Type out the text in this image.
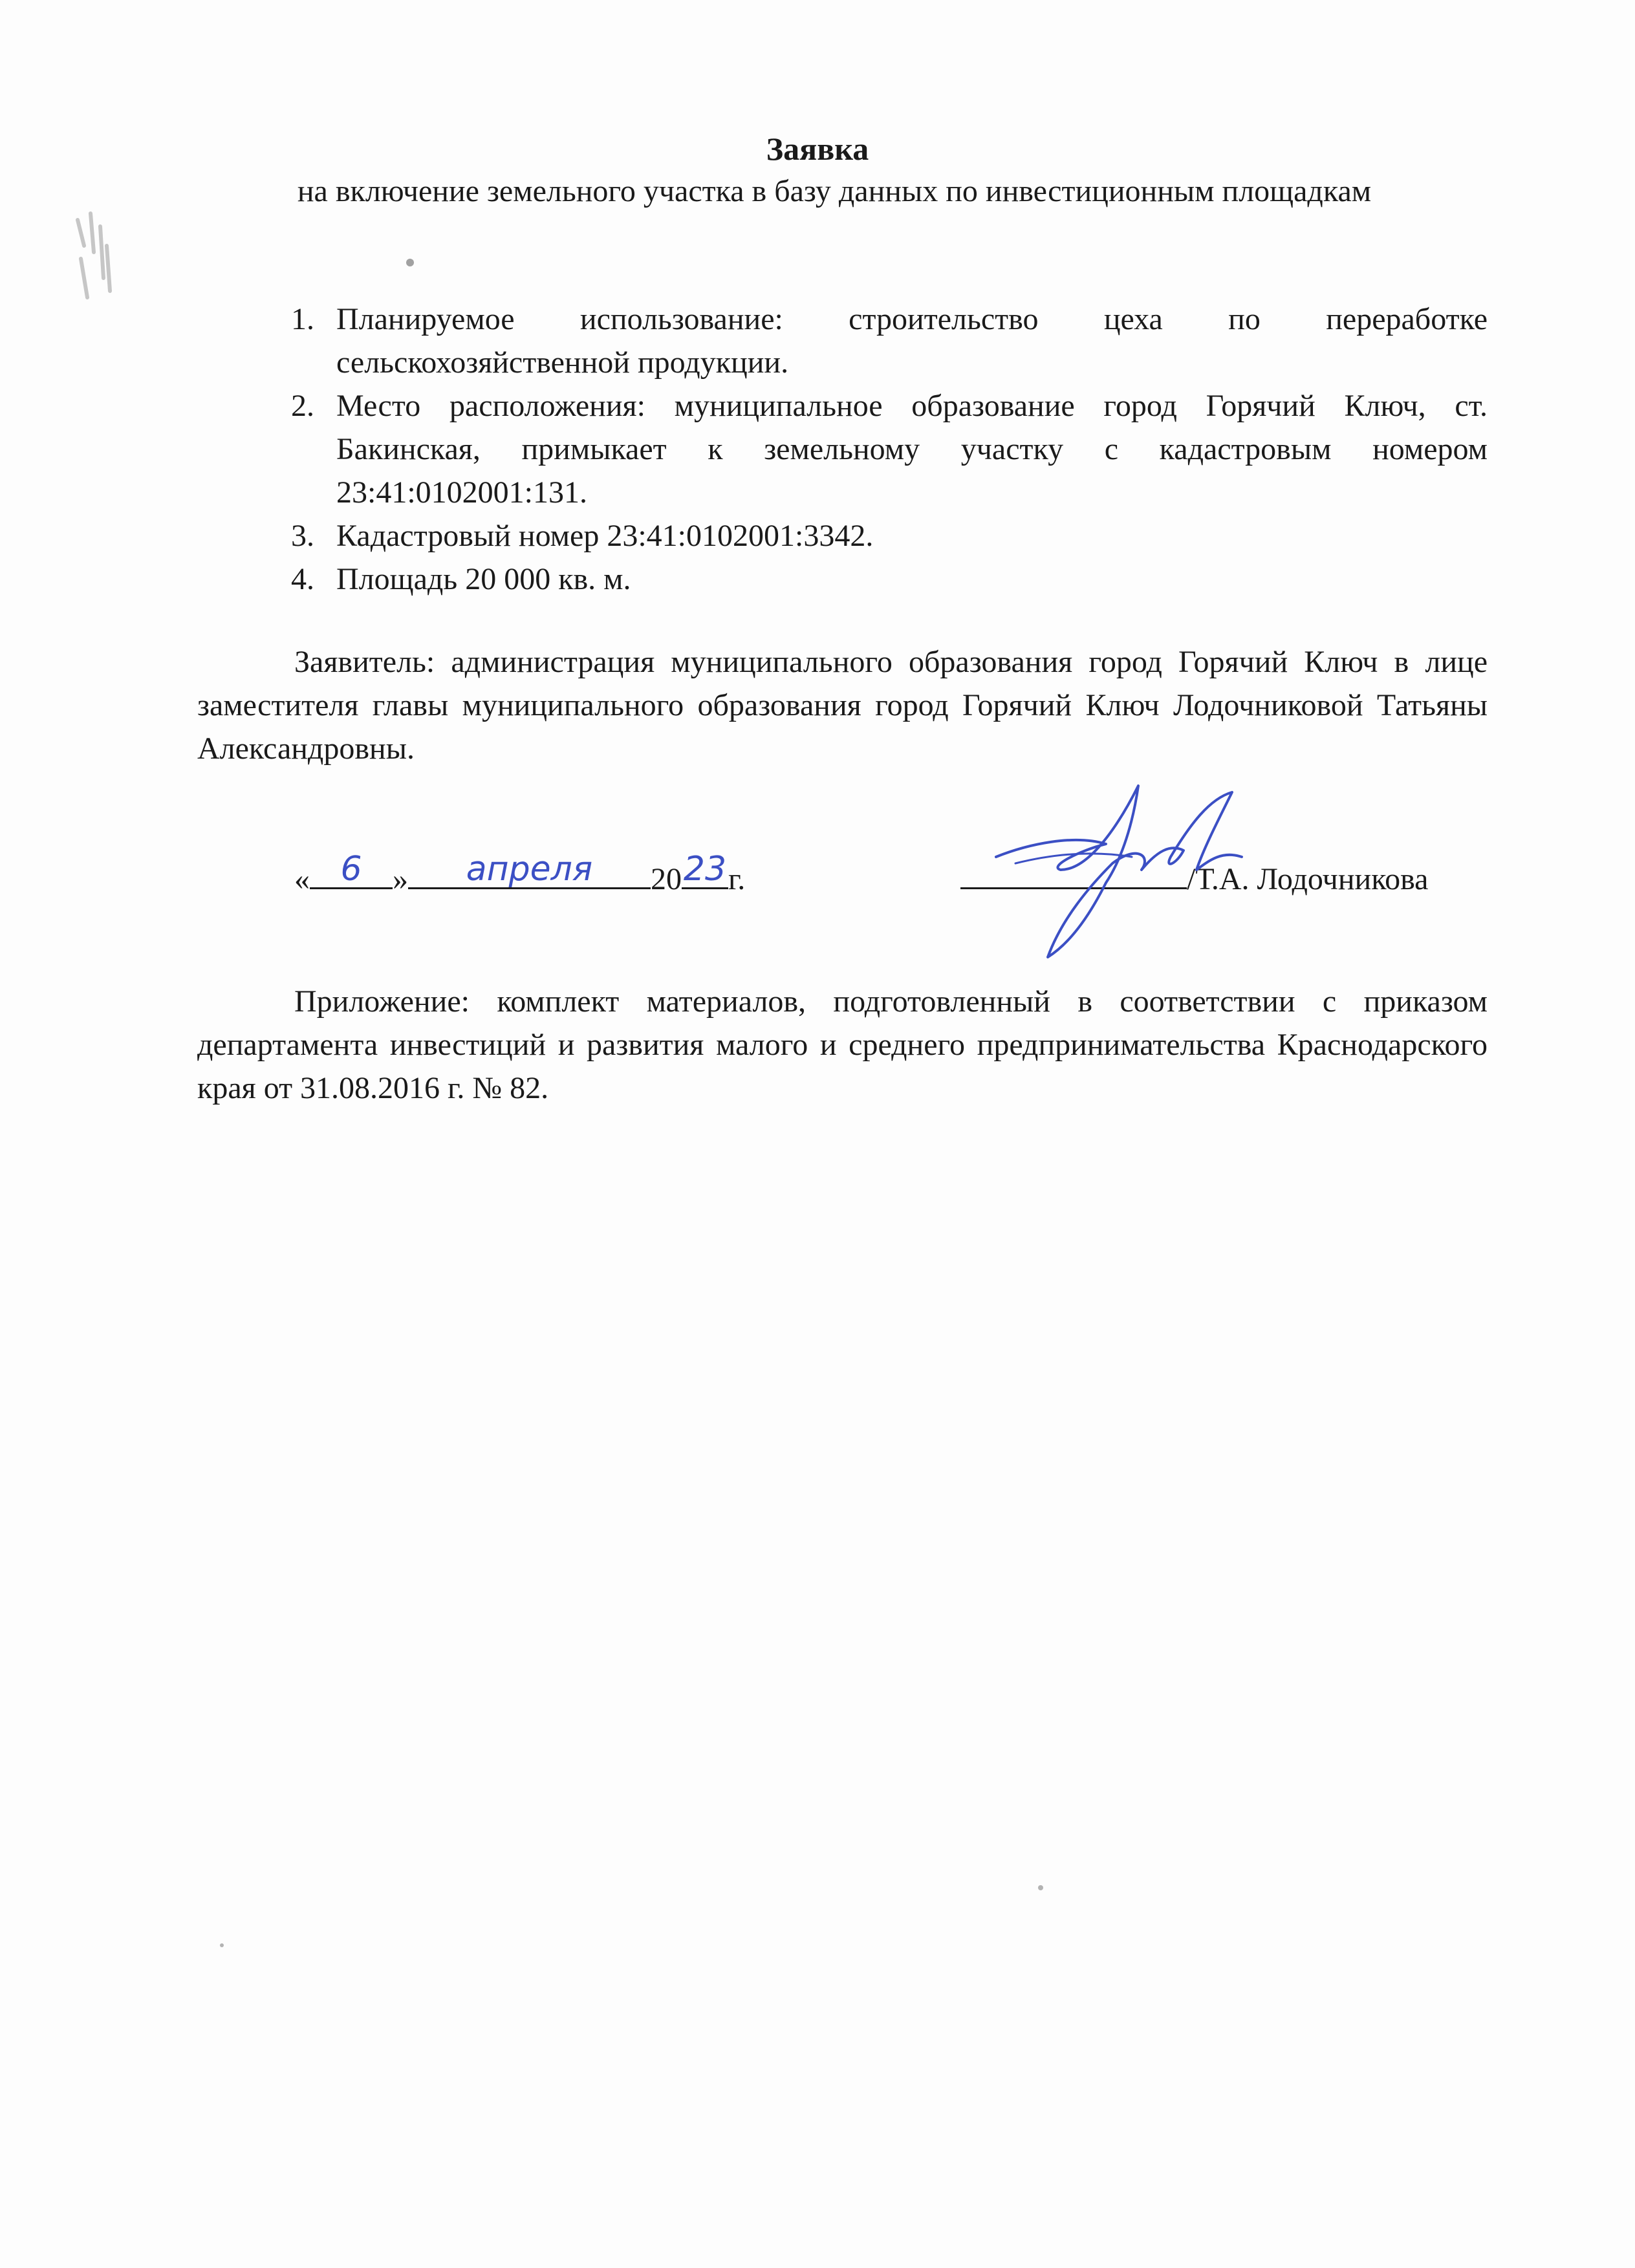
Заявка
на включение земельного участка в базу данных по инвестиционным площадкам
1. Планируемое использование: строительство цеха по переработке сельскохозяйственной продукции.
2. Место расположения: муниципальное образование город Горячий Ключ, ст. Бакинская, примыкает к земельному участку с кадастровым номером 23:41:0102001:131.
3. Кадастровый номер 23:41:0102001:3342.
4. Площадь 20 000 кв. м.

Заявитель: администрация муниципального образования город Горячий Ключ в лице заместителя главы муниципального образования город Горячий Ключ Лодочниковой Татьяны Александровны.

« 6 »	апреля	20 23 г.	/Т.А. Лодочникова

Приложение: комплект материалов, подготовленный в соответствии с приказом департамента инвестиций и развития малого и среднего предпринимательства Краснодарского края от 31.08.2016 г. № 82.
